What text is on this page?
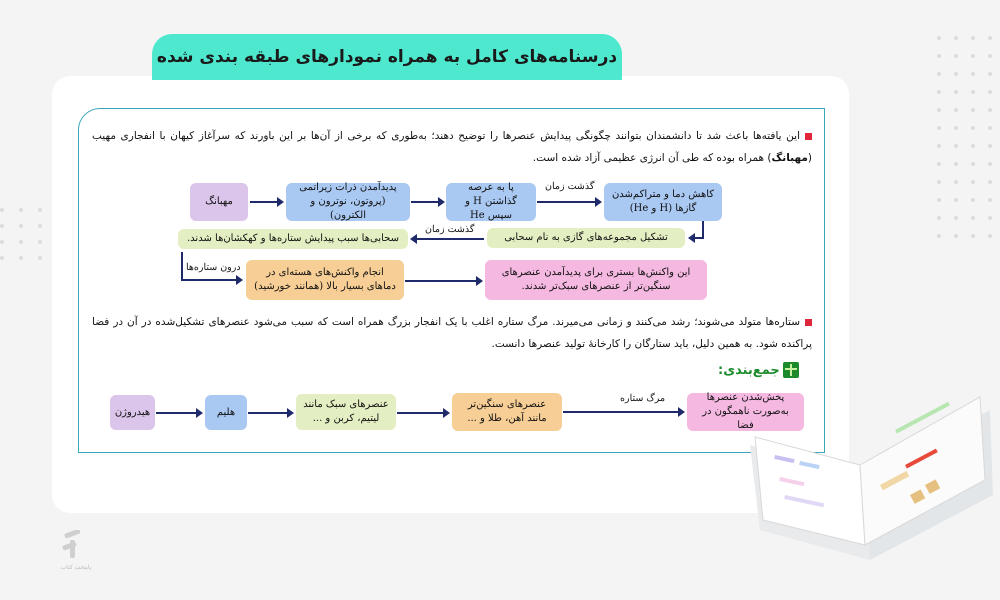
درسنامه‌های کامل به همراه نمودارهای طبقه بندی شده

این یافته‌ها باعث شد تا دانشمندان بتوانند چگونگی پیدایش عنصرها را توضیح دهند؛ به‌طوری که برخی از آن‌ها بر این باورند که سرآغاز کیهان با انفجاری مهیب (مهبانگ) همراه بوده که طی آن انرژی عظیمی آزاد شده است.

مهبانگ
پدیدآمدن ذرات زیراتمی (پروتون، نوترون و الکترون)
پا به عرصه گذاشتن H و سپس He
گذشت زمان
کاهش دما و متراکم‌شدن گازها (H و He)
تشکیل مجموعه‌های گازی به نام سحابی
گذشت زمان
سحابی‌ها سبب پیدایش ستاره‌ها و کهکشان‌ها شدند.
درون ستاره‌ها	انجام واکنش‌های هسته‌ای در دماهای بسیار بالا (همانند خورشید)
این واکنش‌ها بستری برای پدیدآمدن عنصرهای سنگین‌تر از عنصرهای سبک‌تر شدند.

ستاره‌ها متولد می‌شوند؛ رشد می‌کنند و زمانی می‌میرند. مرگ ستاره اغلب با یک انفجار بزرگ همراه است که سبب می‌شود عنصرهای تشکیل‌شده در آن در فضا پراکنده شود. به همین دلیل، باید ستارگان را کارخانهٔ تولید عنصرها دانست.

جمع‌بندی:
هیدروژن	هلیم
عنصرهای سبک مانند لیتیم، کربن و ...
عنصرهای سنگین‌تر مانند آهن، طلا و ...
مرگ ستاره	پخش‌شدن عنصرها به‌صورت ناهمگون در فضا
پایتخت کتاب
